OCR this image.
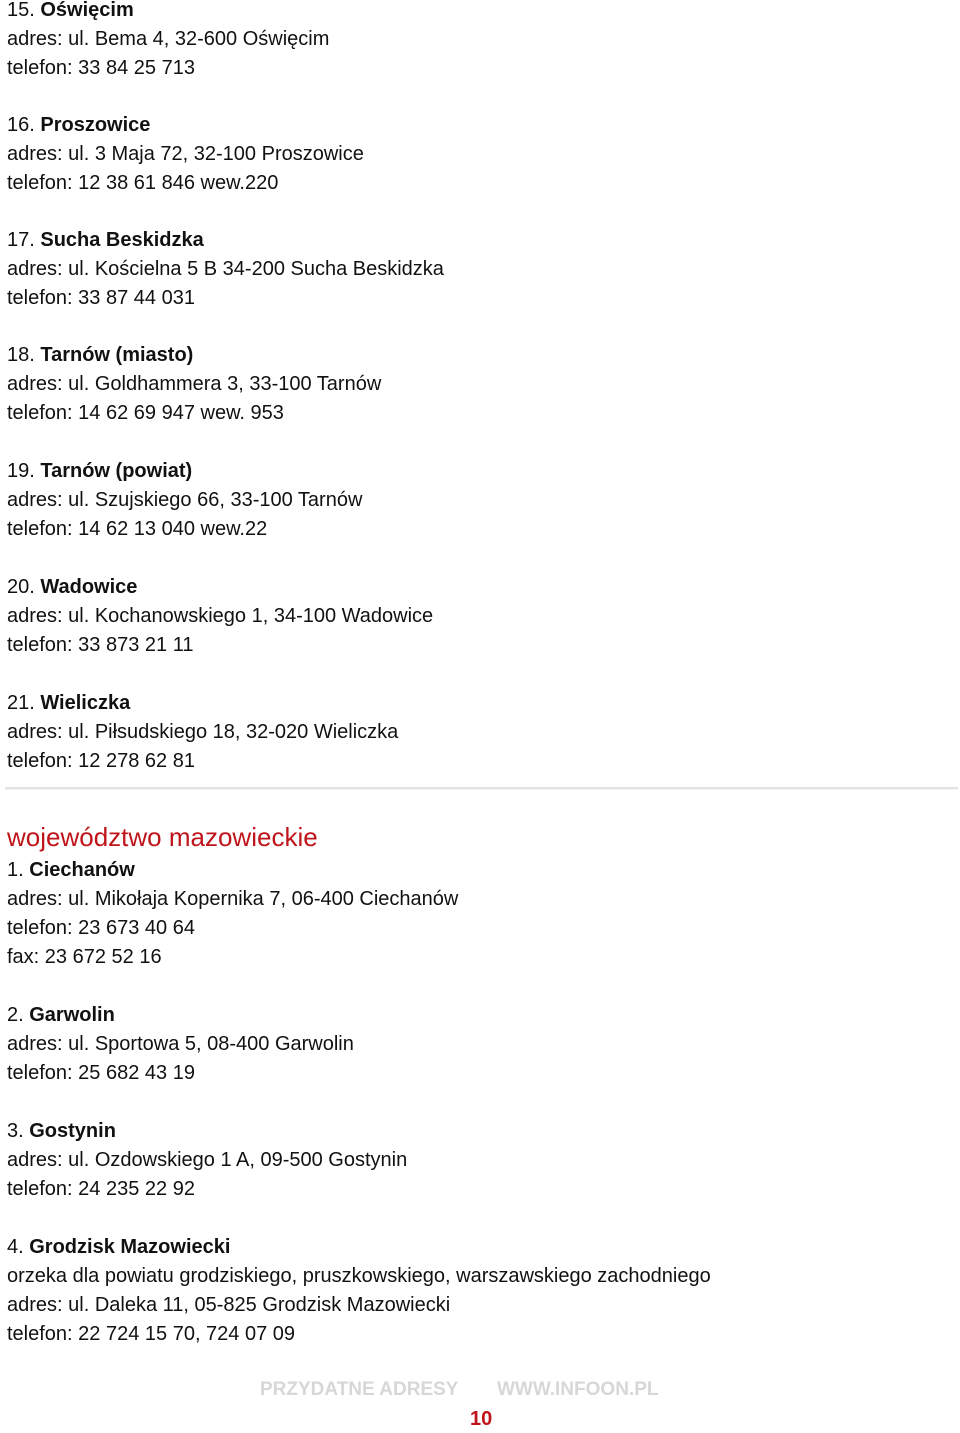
15. Oświęcim
adres: ul. Bema 4, 32-600 Oświęcim
telefon: 33 84 25 713
16. Proszowice
adres: ul. 3 Maja 72, 32-100 Proszowice
telefon: 12 38 61 846 wew.220
17. Sucha Beskidzka
adres: ul. Kościelna 5 B 34-200 Sucha Beskidzka
telefon: 33 87 44 031
18. Tarnów (miasto)
adres: ul. Goldhammera 3, 33-100 Tarnów
telefon: 14 62 69 947 wew. 953
19. Tarnów (powiat)
adres: ul. Szujskiego 66, 33-100 Tarnów
telefon: 14 62 13 040 wew.22
20. Wadowice
adres: ul. Kochanowskiego 1, 34-100 Wadowice
telefon: 33 873 21 11
21. Wieliczka
adres: ul. Piłsudskiego 18, 32-020 Wieliczka
telefon: 12 278 62 81
województwo mazowieckie
1. Ciechanów
adres: ul. Mikołaja Kopernika 7, 06-400 Ciechanów
telefon: 23 673 40 64
fax: 23 672 52 16
2. Garwolin
adres: ul. Sportowa 5, 08-400 Garwolin
telefon: 25 682 43 19
3. Gostynin
adres: ul. Ozdowskiego 1 A, 09-500 Gostynin
telefon: 24 235 22 92
4. Grodzisk Mazowiecki
orzeka dla powiatu grodziskiego, pruszkowskiego, warszawskiego zachodniego
adres: ul. Daleka 11, 05-825 Grodzisk Mazowiecki
telefon: 22 724 15 70, 724 07 09
PRZYDATNE ADRESY WWW.INFOON.PL
10
